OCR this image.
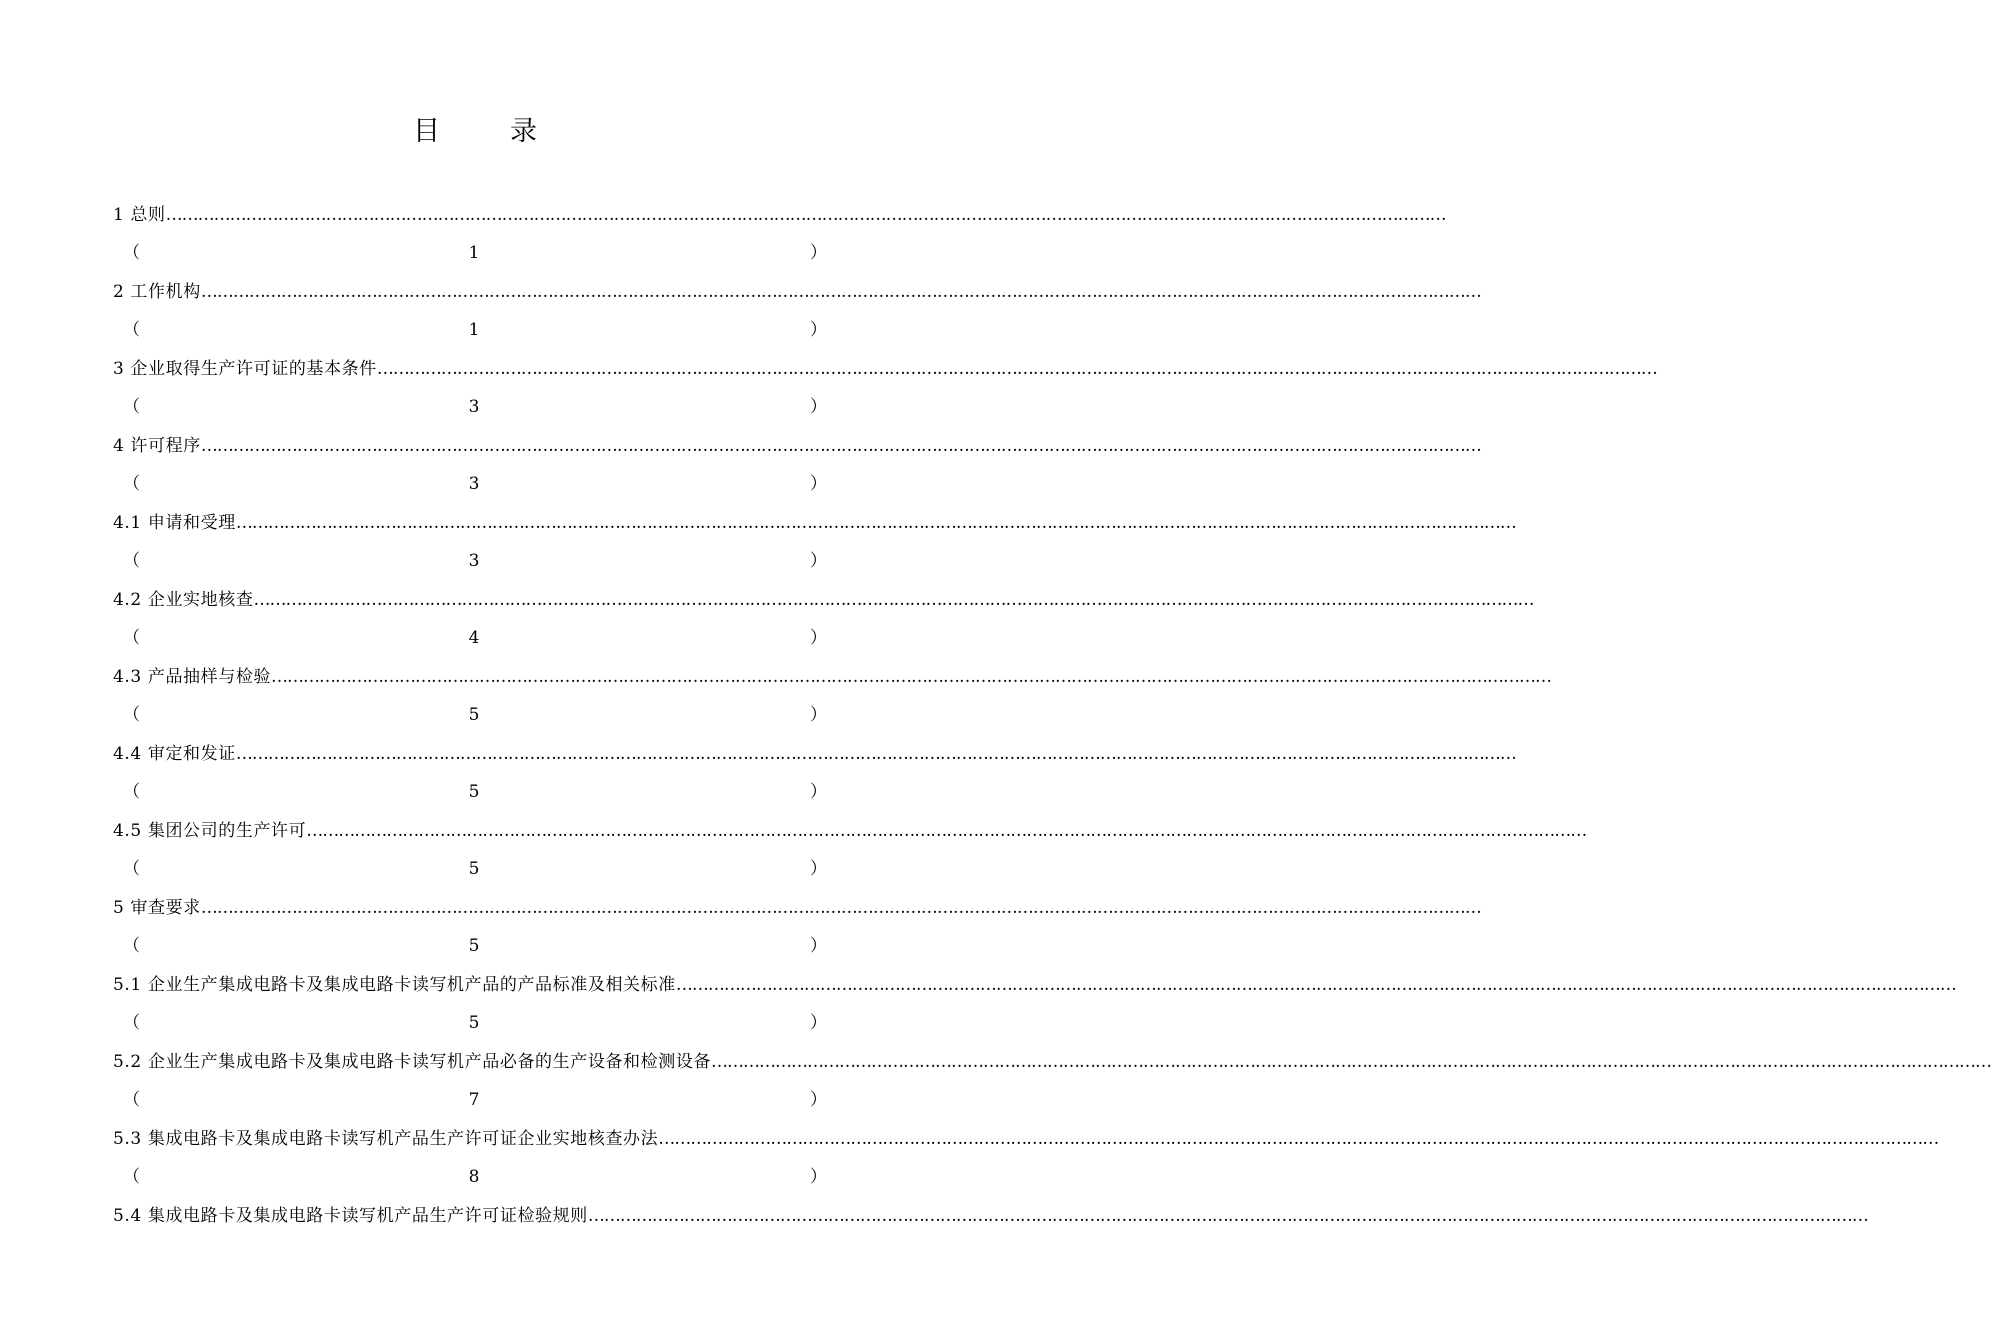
目	录
1 总则 ……………………………………………………………………………………………………………………………………………………………………………………………………………………
（	1	）
2 工作机构 ……………………………………………………………………………………………………………………………………………………………………………………………………………………
（	1	）
3 企业取得生产许可证的基本条件 ……………………………………………………………………………………………………………………………………………………………………………………………………………………
（	3	）
4 许可程序 ……………………………………………………………………………………………………………………………………………………………………………………………………………………
（	3	）
4.1 申请和受理 ……………………………………………………………………………………………………………………………………………………………………………………………………………………
（	3	）
4.2 企业实地核查 ……………………………………………………………………………………………………………………………………………………………………………………………………………………
（	4	）
4.3 产品抽样与检验 ……………………………………………………………………………………………………………………………………………………………………………………………………………………
（	5	）
4.4 审定和发证 ……………………………………………………………………………………………………………………………………………………………………………………………………………………
（	5	）
4.5 集团公司的生产许可 ……………………………………………………………………………………………………………………………………………………………………………………………………………………
（	5	）
5 审查要求 ……………………………………………………………………………………………………………………………………………………………………………………………………………………
（	5	）
5.1 企业生产集成电路卡及集成电路卡读写机产品的产品标准及相关标准 ……………………………………………………………………………………………………………………………………………………………………………………………………………………
（	5	）
5.2 企业生产集成电路卡及集成电路卡读写机产品必备的生产设备和检测设备 ……………………………………………………………………………………………………………………………………………………………………………………………………………………
（	7	）
5.3 集成电路卡及集成电路卡读写机产品生产许可证企业实地核查办法 ……………………………………………………………………………………………………………………………………………………………………………………………………………………
（	8	）
5.4 集成电路卡及集成电路卡读写机产品生产许可证检验规则 ……………………………………………………………………………………………………………………………………………………………………………………………………………………
